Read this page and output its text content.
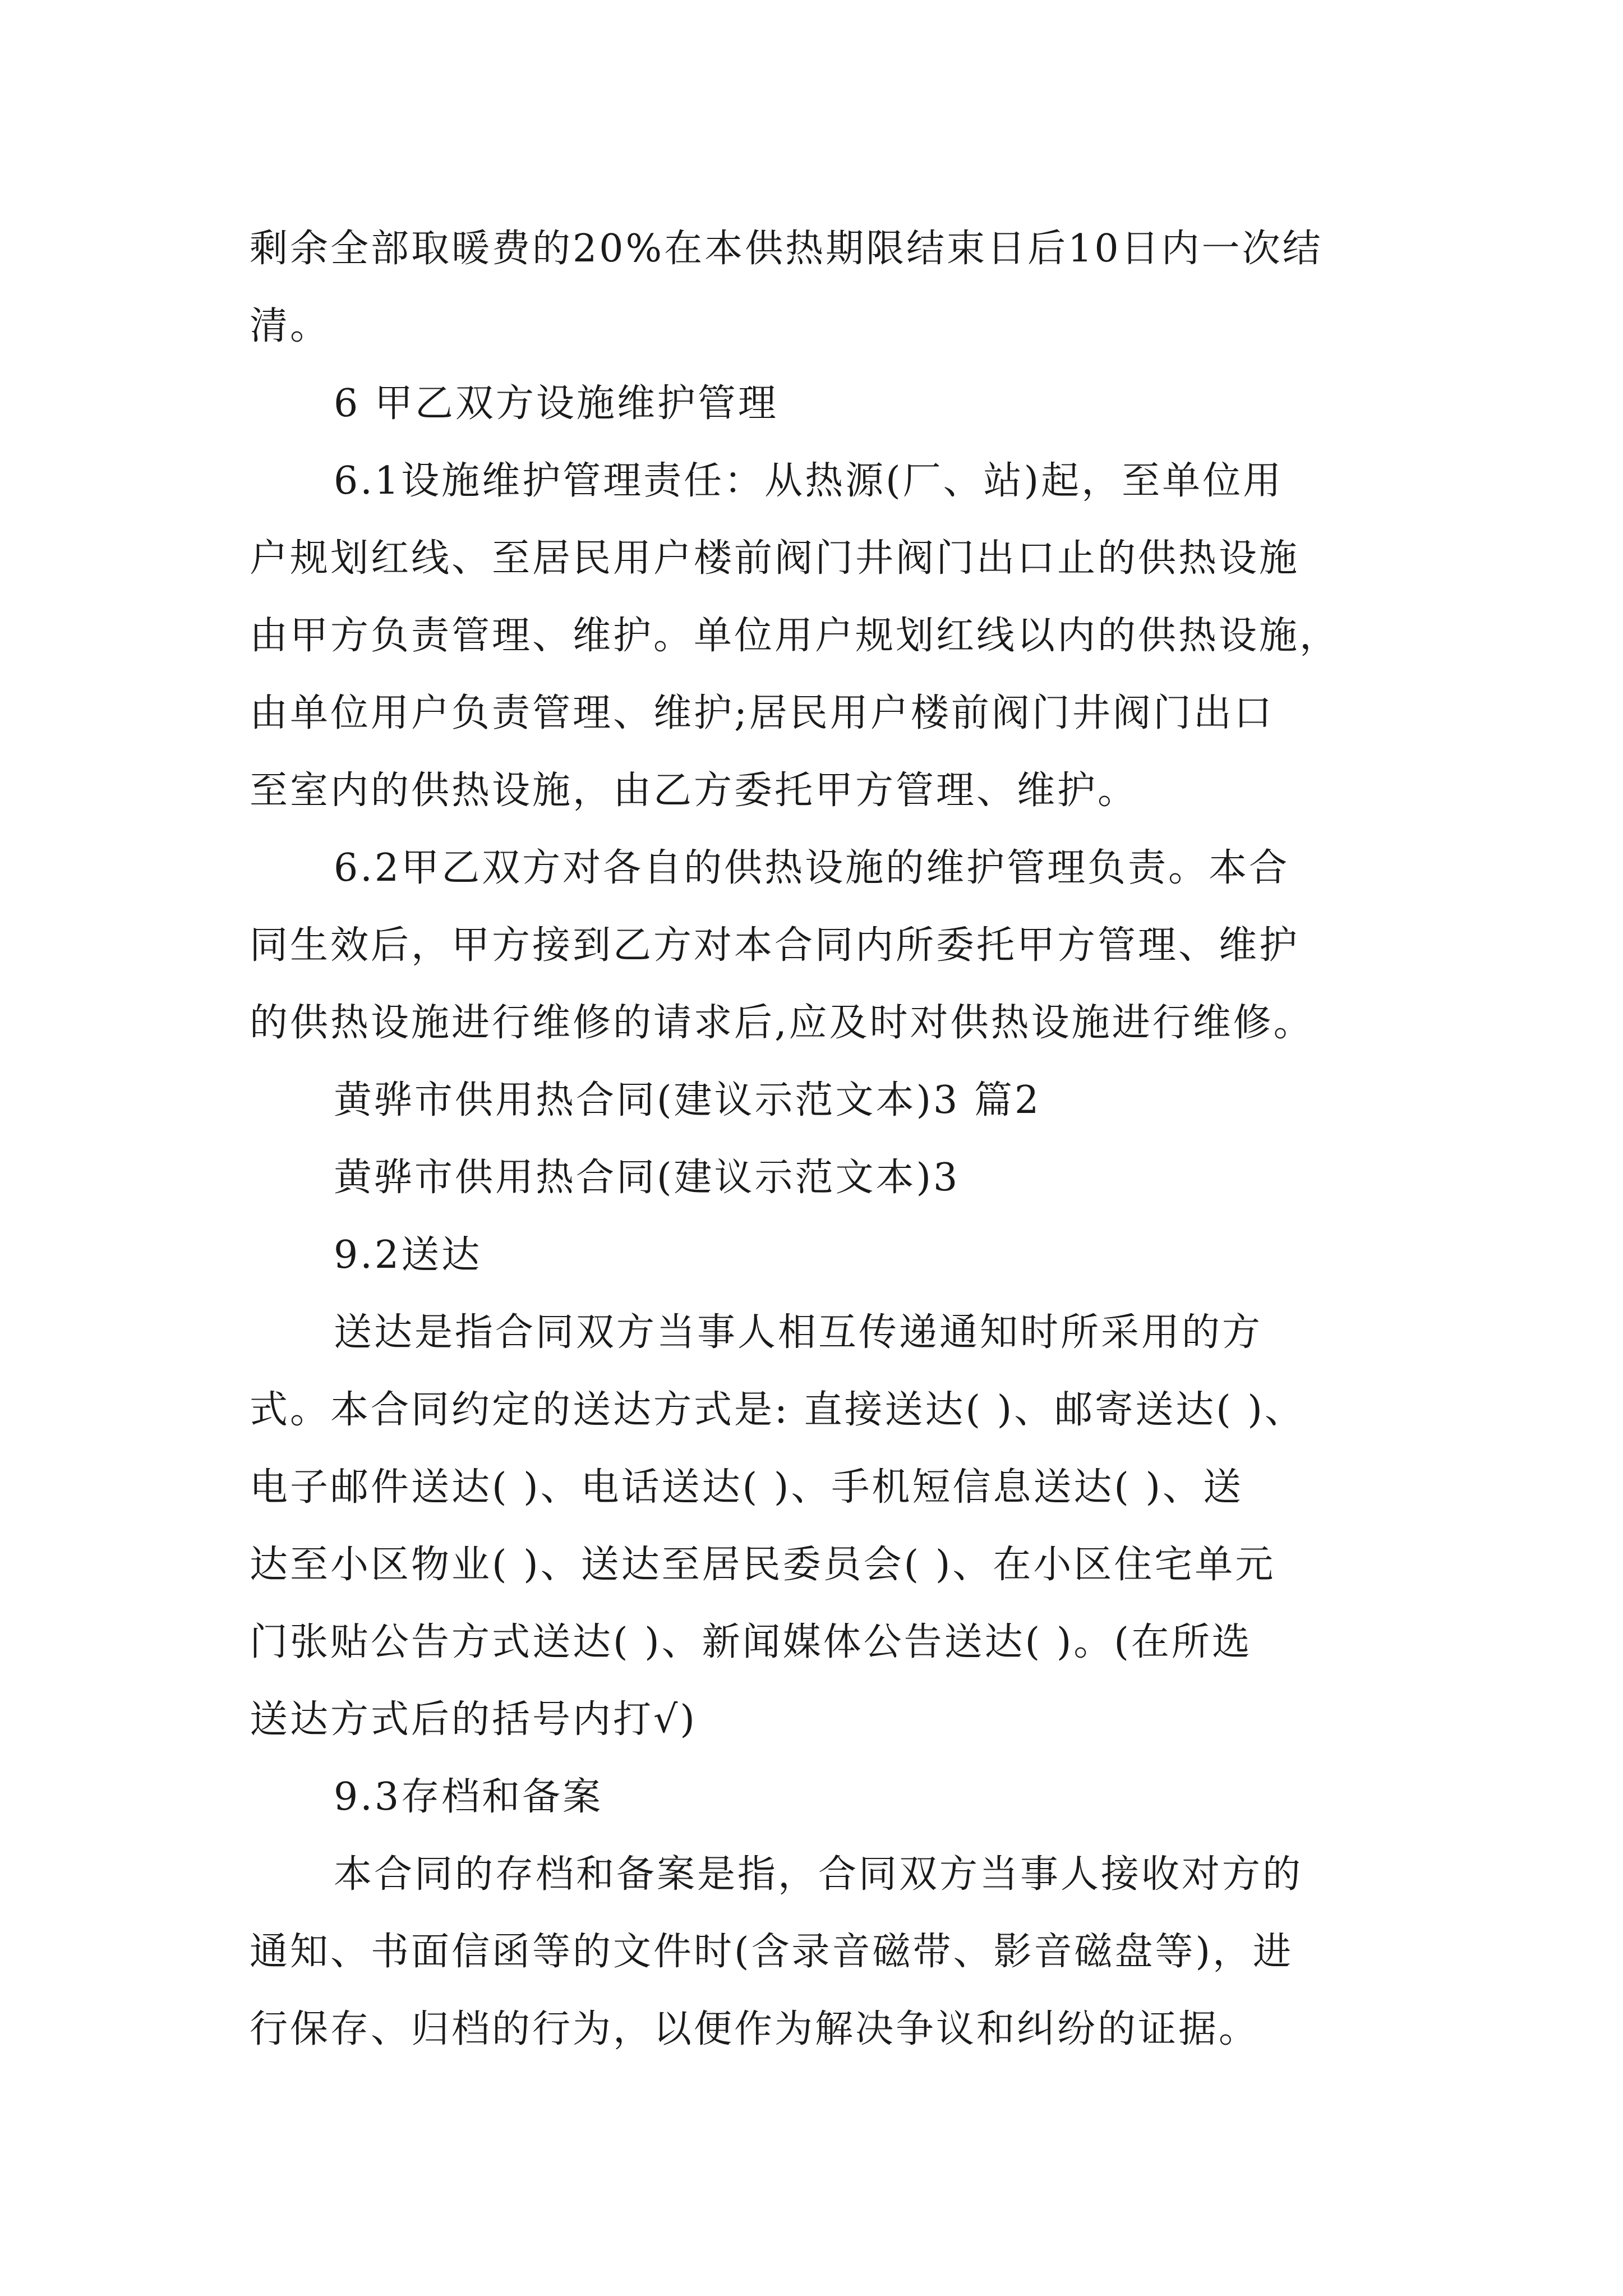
剩余全部取暖费的20%在本供热期限结束日后10日内一次结
清。
6 甲乙双方设施维护管理
6.1设施维护管理责任：从热源(厂、站)起，至单位用
户规划红线、至居民用户楼前阀门井阀门出口止的供热设施
由甲方负责管理、维护。单位用户规划红线以内的供热设施，
由单位用户负责管理、维护;居民用户楼前阀门井阀门出口
至室内的供热设施，由乙方委托甲方管理、维护。
6.2甲乙双方对各自的供热设施的维护管理负责。本合
同生效后，甲方接到乙方对本合同内所委托甲方管理、维护
的供热设施进行维修的请求后,应及时对供热设施进行维修。
黄骅市供用热合同(建议示范文本)3 篇2
黄骅市供用热合同(建议示范文本)3
9.2送达
送达是指合同双方当事人相互传递通知时所采用的方
式。本合同约定的送达方式是: 直接送达( )、邮寄送达( )、
电子邮件送达( )、电话送达( )、手机短信息送达( )、送
达至小区物业( )、送达至居民委员会( )、在小区住宅单元
门张贴公告方式送达( )、新闻媒体公告送达( )。(在所选
送达方式后的括号内打√)
9.3存档和备案
本合同的存档和备案是指，合同双方当事人接收对方的
通知、书面信函等的文件时(含录音磁带、影音磁盘等)，进
行保存、归档的行为，以便作为解决争议和纠纷的证据。
